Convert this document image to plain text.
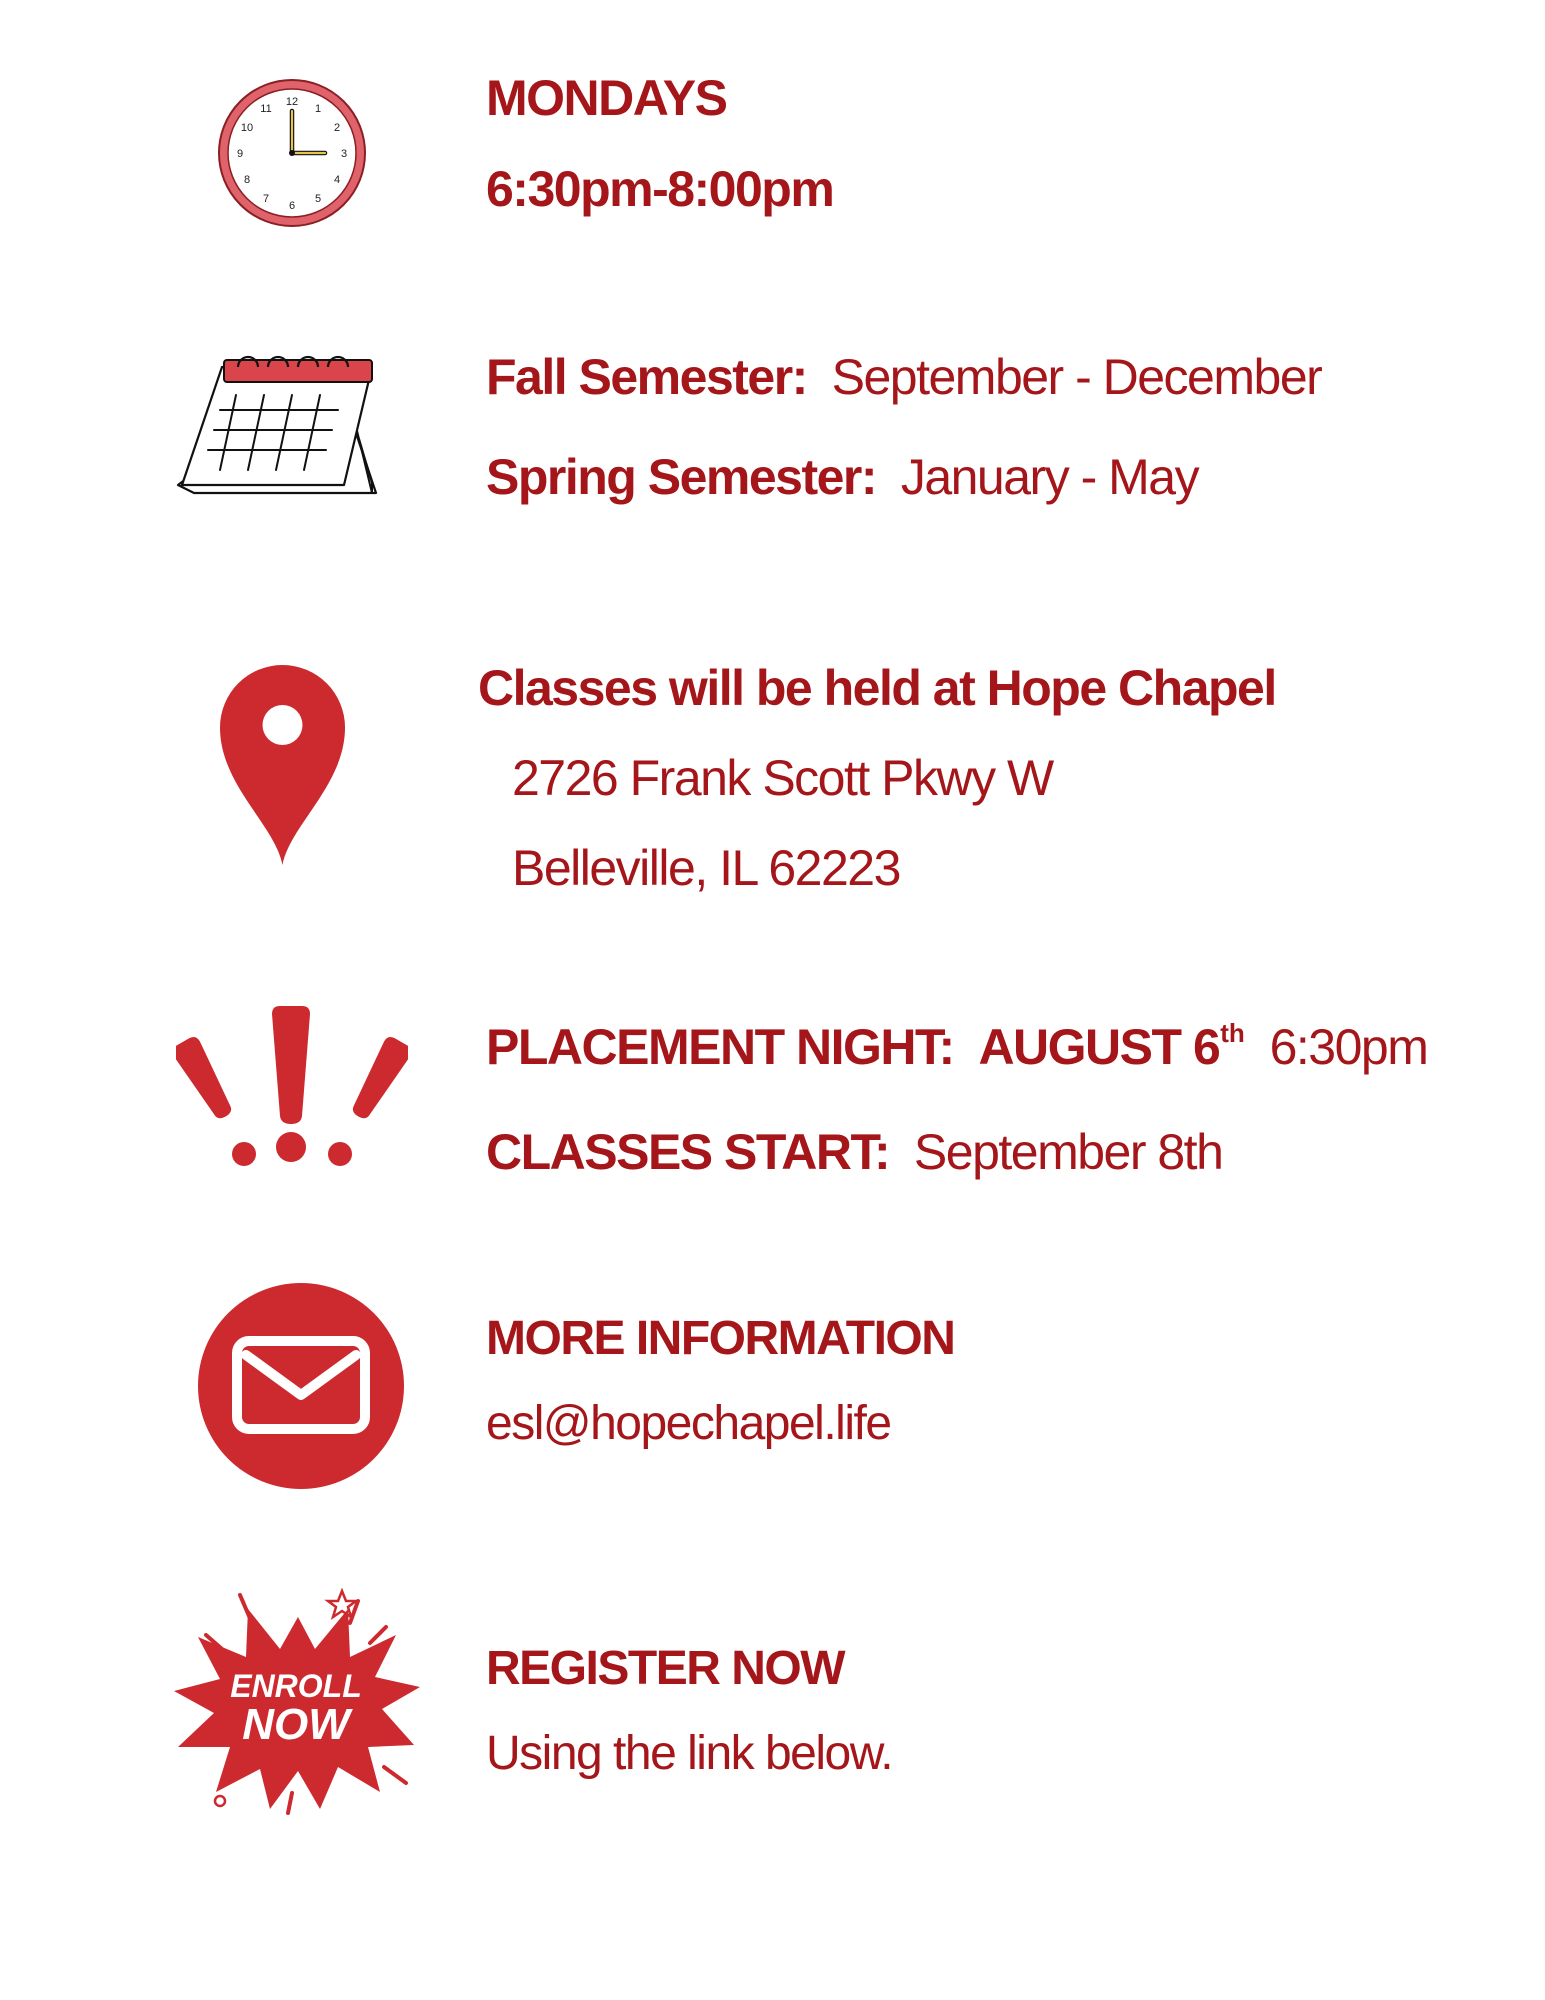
12
1
2
3
4
5
6
7
8
9
10
11	MONDAYS
6:30pm-8:00pm
Fall Semester: September - December
Spring Semester: January - May
Classes will be held at Hope Chapel
2726 Frank Scott Pkwy W
Belleville, IL 62223
PLACEMENT NIGHT: AUGUST 6th 6:30pm
CLASSES START: September 8th
MORE INFORMATION
esl@hopechapel.life
ENROLL
NOW
REGISTER NOW
Using the link below.
